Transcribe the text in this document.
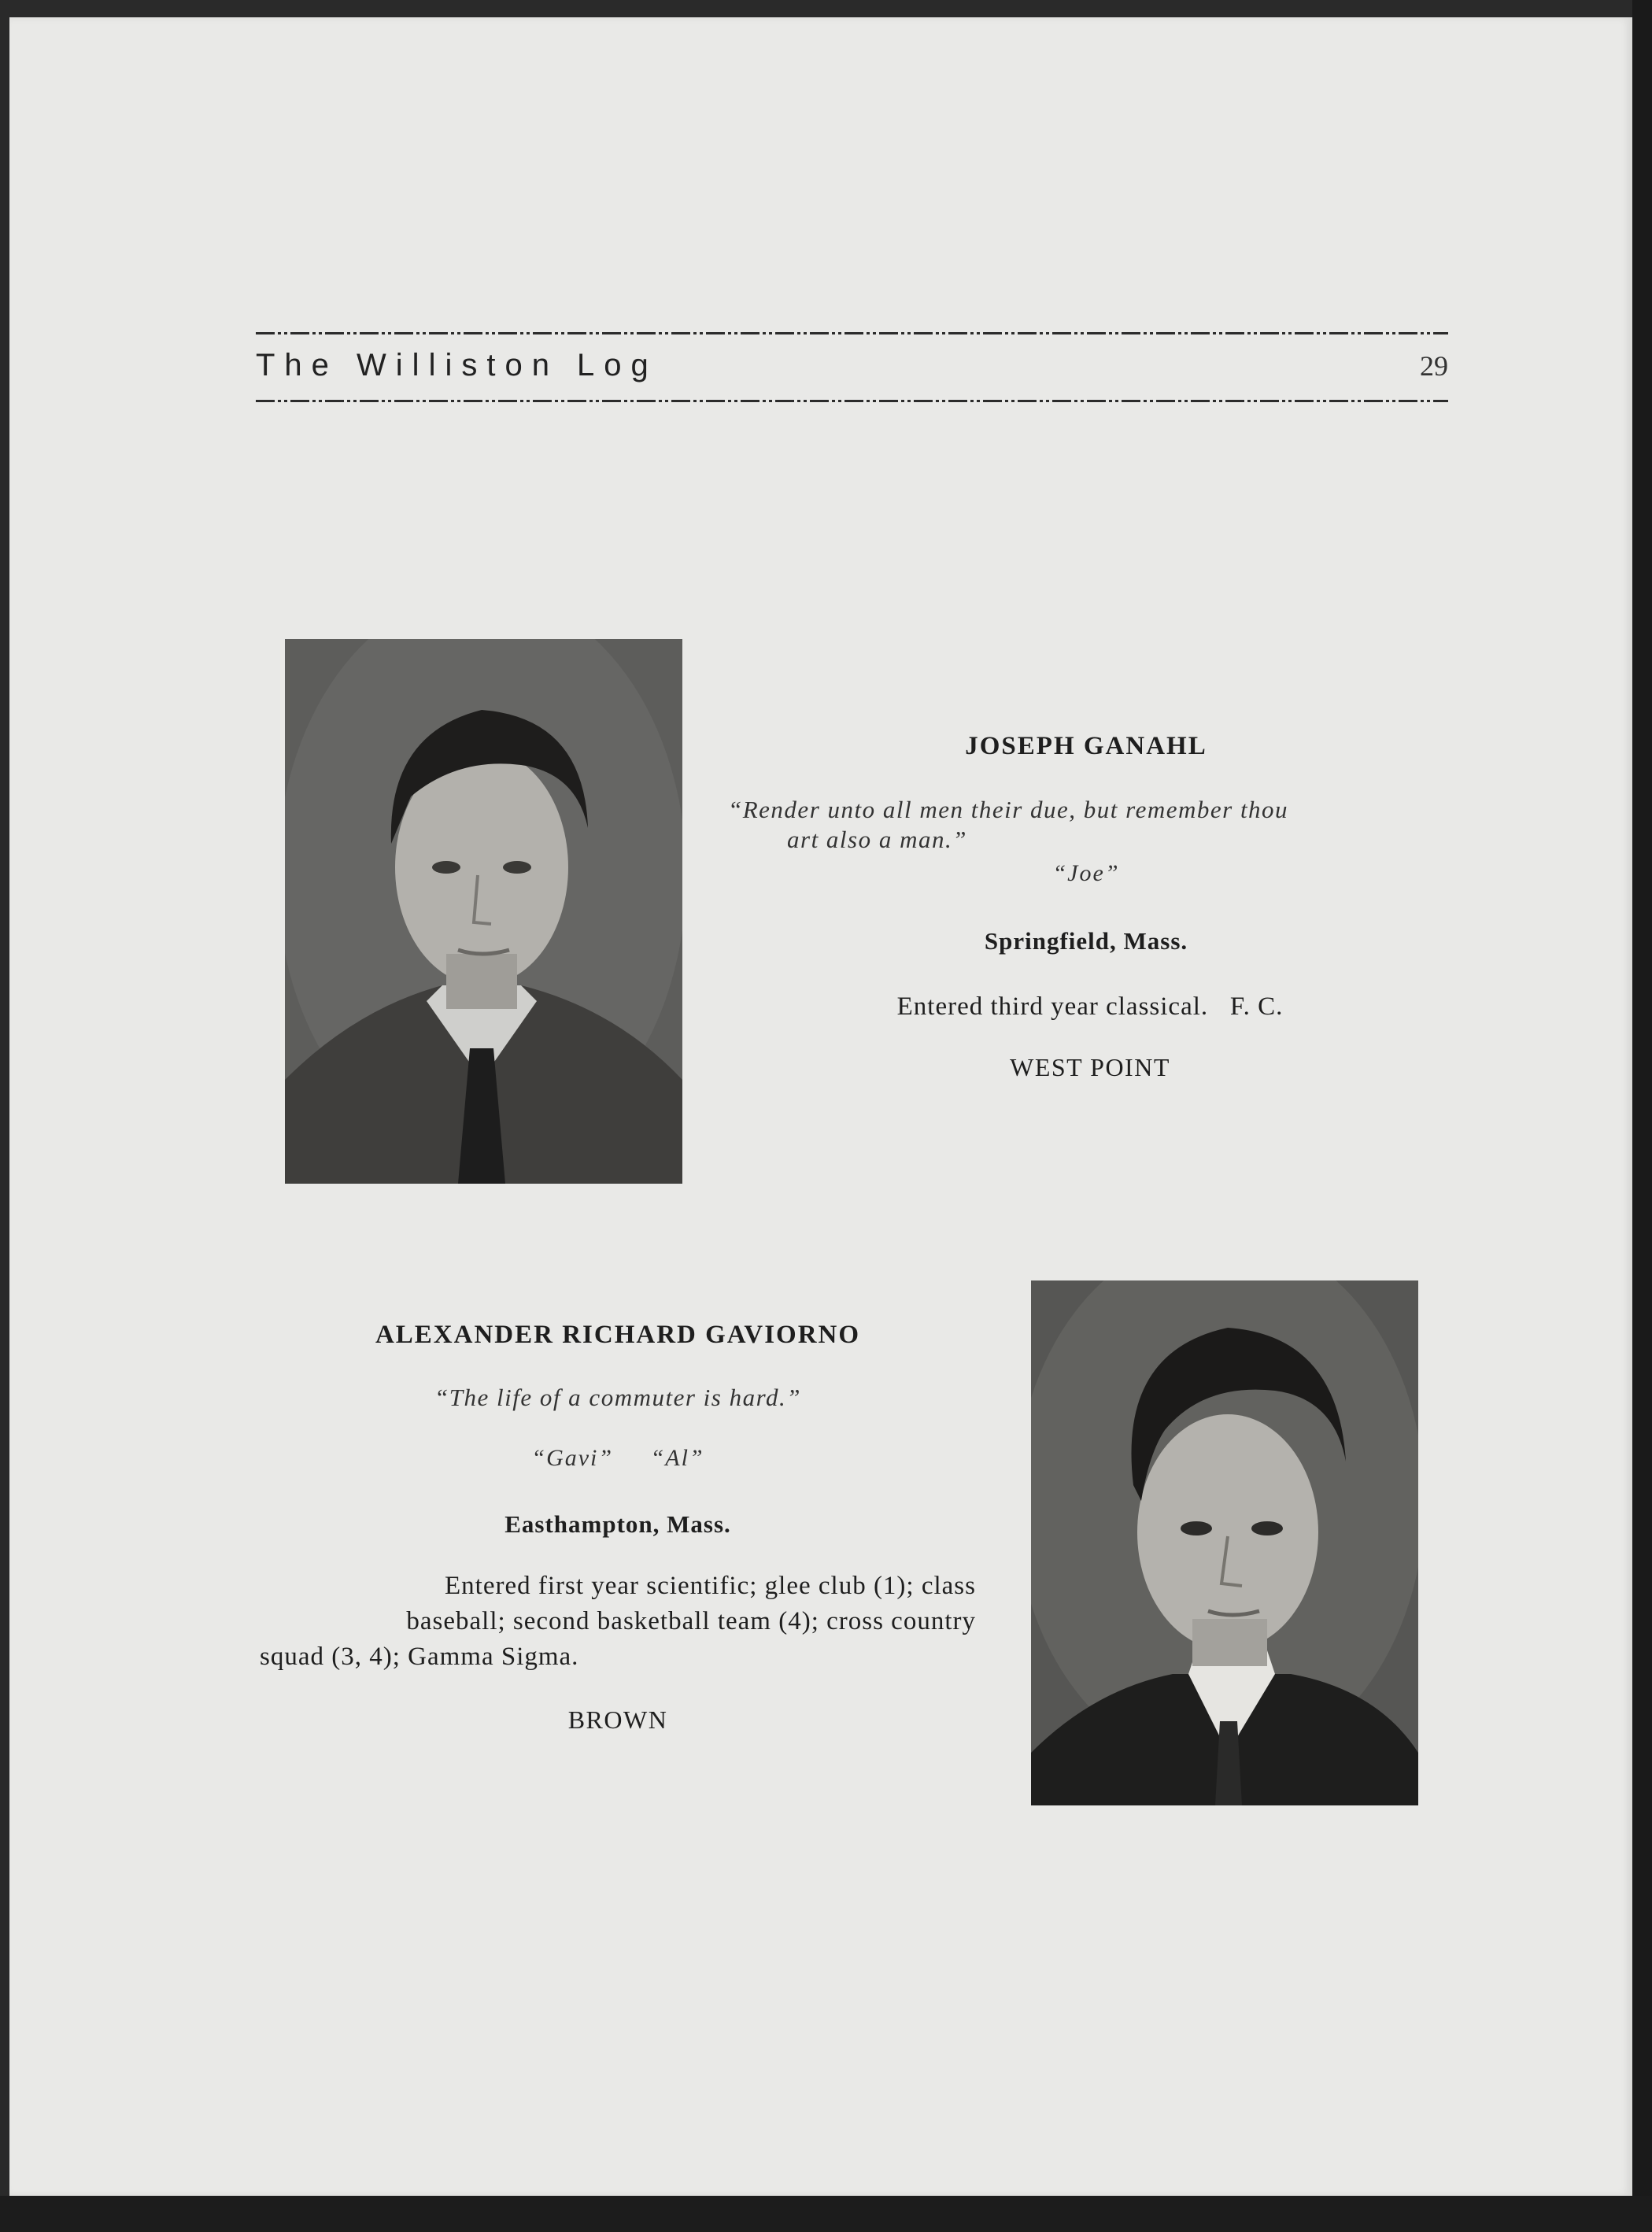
The Williston Log	29
JOSEPH GANAHL
“Render unto all men their due, but remember thou
art also a man.”
“Joe”
Springfield, Mass.
Entered third year classical.   F. C.
WEST POINT
ALEXANDER RICHARD GAVIORNO
“The life of a commuter is hard.”
“Gavi”     “Al”
Easthampton, Mass.
Entered first year scientific; glee club (1); class
baseball; second basketball team (4); cross country
squad (3, 4); Gamma Sigma.
BROWN
